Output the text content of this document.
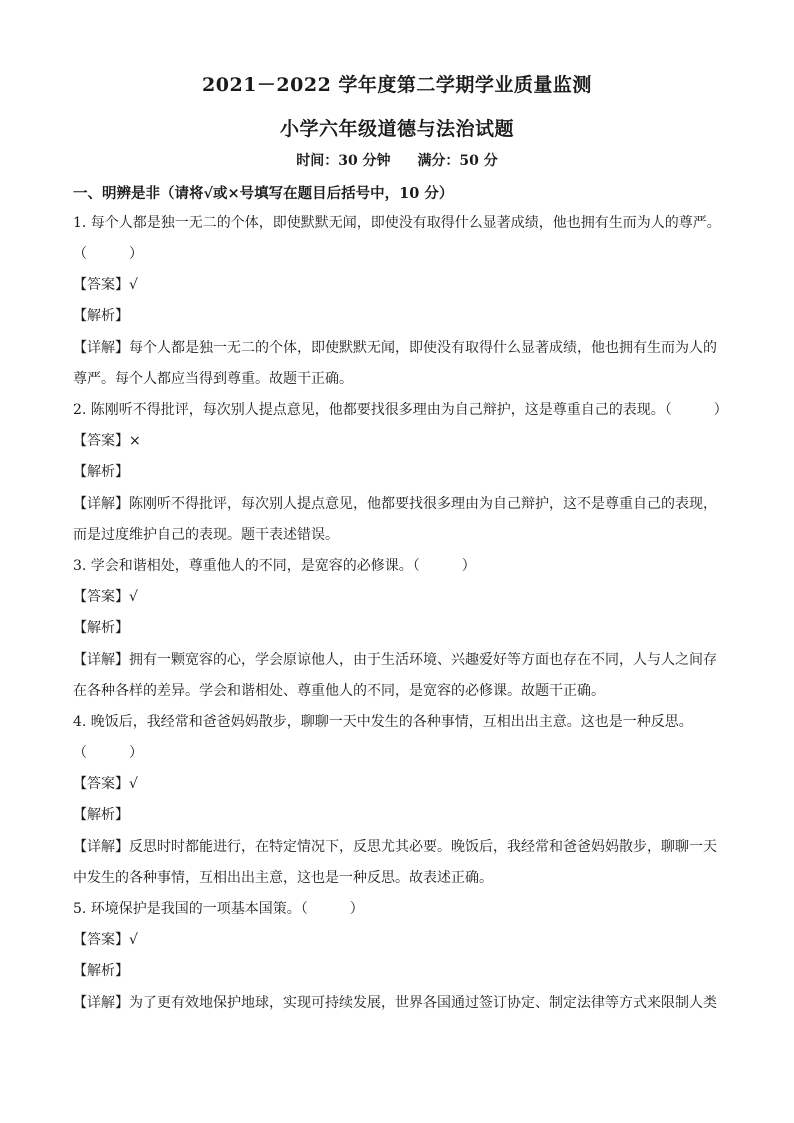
2021－2022 学年度第二学期学业质量监测
小学六年级道德与法治试题
时间：30 分钟 满分：50 分
一、明辨是非（请将√或×号填写在题目后括号中，10 分）
1. 每个人都是独一无二的个体，即使默默无闻，即使没有取得什么显著成绩，他也拥有生而为人的尊严。
（　　　）
【答案】√
【解析】
【详解】每个人都是独一无二的个体，即使默默无闻，即使没有取得什么显著成绩，他也拥有生而为人的
尊严。每个人都应当得到尊重。故题干正确。
2. 陈刚听不得批评，每次别人提点意见，他都要找很多理由为自己辩护，这是尊重自己的表现。（　　　）
【答案】×
【解析】
【详解】陈刚听不得批评，每次别人提点意见，他都要找很多理由为自己辩护，这不是尊重自己的表现，
而是过度维护自己的表现。题干表述错误。
3. 学会和谐相处，尊重他人的不同，是宽容的必修课。（　　　）
【答案】√
【解析】
【详解】拥有一颗宽容的心，学会原谅他人，由于生活环境、兴趣爱好等方面也存在不同，人与人之间存
在各种各样的差异。学会和谐相处、尊重他人的不同，是宽容的必修课。故题干正确。
4. 晚饭后，我经常和爸爸妈妈散步，聊聊一天中发生的各种事情，互相出出主意。这也是一种反思。
（　　　）
【答案】√
【解析】
【详解】反思时时都能进行，在特定情况下，反思尤其必要。晚饭后，我经常和爸爸妈妈散步，聊聊一天
中发生的各种事情，互相出出主意，这也是一种反思。故表述正确。
5. 环境保护是我国的一项基本国策。（　　　）
【答案】√
【解析】
【详解】为了更有效地保护地球，实现可持续发展，世界各国通过签订协定、制定法律等方式来限制人类
